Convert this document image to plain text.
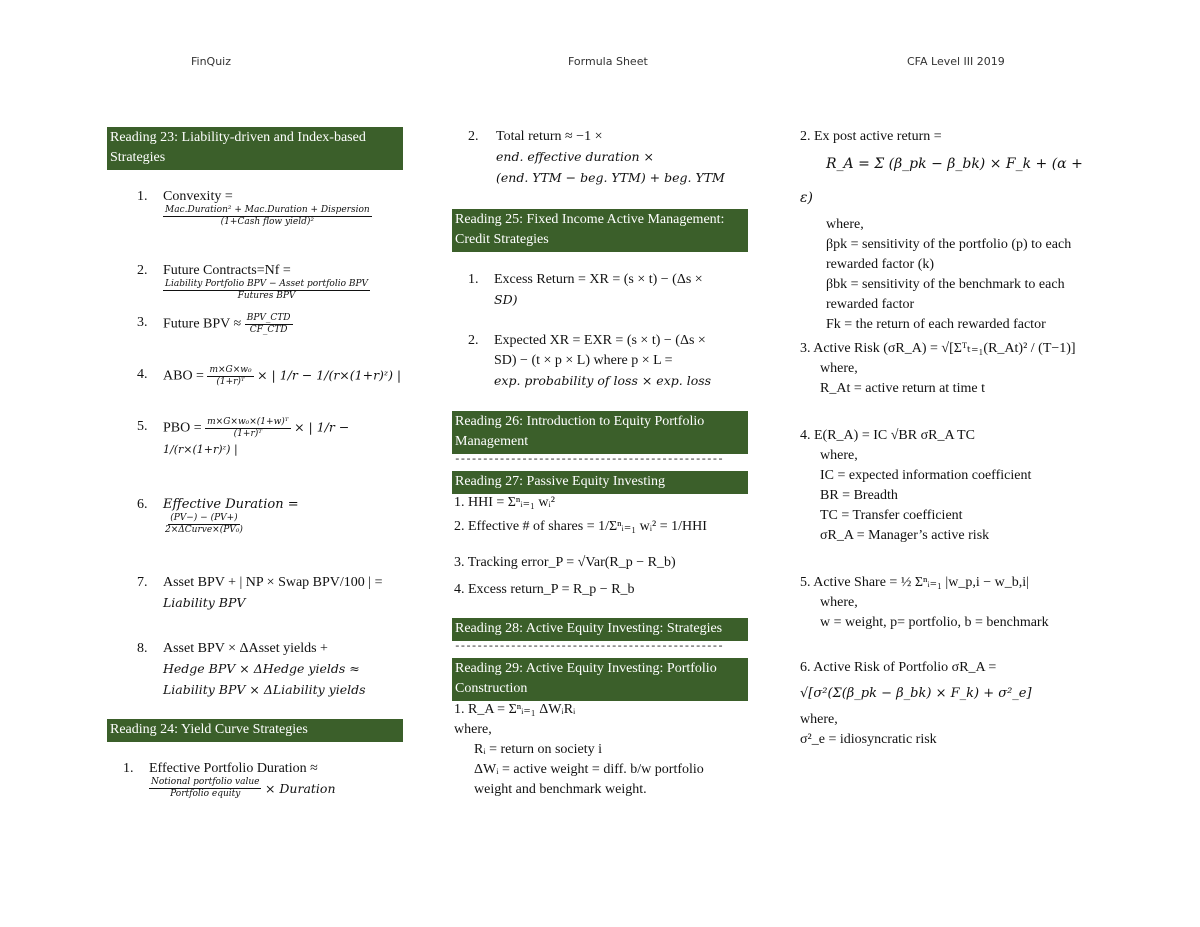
FinQuiz	Formula Sheet	CFA Level III 2019
Reading 23: Liability-driven and Index-based Strategies
1.	Convexity =

$\frac{\text{Mac.Duration² + Mac.Duration + Dispersion}}{\text{(1+Cash flow yield)²}}$
2.	Future Contracts=Nf =

$\frac{\text{Liability Portfolio BPV − Asset portfolio BPV}}{\text{Futures BPV}}$
3.	Future BPV ≈ $\frac{\text{BPV\_CTD}}{\text{CF\_CTD}}$
4.	ABO = $\frac{\text{m×G×w₀}}{\text{(1+r)ᵀ}}$ × | 1/r − 1/(r×(1+r)ᶻ) |
5.	PBO = $\frac{\text{m×G×w₀×(1+w)ᵀ}}{\text{(1+r)ᵀ}}$ × | 1/r −
1/(r×(1+r)ᶻ) |
6.	Effective Duration =

$\frac{(PV-) - (PV+)}{\text{2×ΔCurve×(PV₀)}}$
7.	Asset BPV + | NP × Swap BPV/100 | =
Liability BPV
8.	Asset BPV × ΔAsset yields +
Hedge BPV × ΔHedge yields ≈
Liability BPV × ΔLiability yields
Reading 24: Yield Curve Strategies
1.	Effective Portfolio Duration ≈

$\frac{\text{Notional portfolio value}}{\text{Portfolio equity}}$ × Duration
2.	Total return ≈ −1 ×
end. effective duration ×
(end. YTM − beg. YTM) + beg. YTM
Reading 25: Fixed Income Active Management: Credit Strategies
1.	Excess Return = XR = (s × t) − (Δs ×
SD)
2.	Expected XR = EXR = (s × t) − (Δs ×
SD) − (t × p × L) where p × L =
exp. probability of loss × exp. loss
Reading 26: Introduction to Equity Portfolio Management
------------------------------------------------
Reading 27: Passive Equity Investing
1. HHI = Σⁿᵢ₌₁ wᵢ²
2. Effective # of shares = 1/Σⁿᵢ₌₁ wᵢ² = 1/HHI
3. Tracking error_P = √Var(R_p − R_b)
4. Excess return_P = R_p − R_b
Reading 28: Active Equity Investing: Strategies
------------------------------------------------
Reading 29: Active Equity Investing: Portfolio Construction
1. R_A = Σⁿᵢ₌₁ ΔWᵢRᵢ
where,
Rᵢ = return on society i
ΔWᵢ = active weight = diff. b/w portfolio
weight and benchmark weight.
2. Ex post active return =
R_A = Σ (β_pk − β_bk) × F_k + (α + ε)

where,
βpk = sensitivity of the portfolio (p) to each
rewarded factor (k)
βbk = sensitivity of the benchmark to each
rewarded factor
Fk = the return of each rewarded factor
3. Active Risk (σR_A) = √[Σᵀₜ₌₁(R_At)² / (T−1)]

where,
R_At = active return at time t
4. E(R_A) = IC √BR σR_A TC

where,
IC = expected information coefficient
BR = Breadth
TC = Transfer coefficient
σR_A = Manager’s active risk
5. Active Share = ½ Σⁿᵢ₌₁ |w_p,i − w_b,i|

where,
w = weight, p= portfolio, b = benchmark
6. Active Risk of Portfolio σR_A =
√[σ²(Σ(β_pk − β_bk) × F_k) + σ²_e]
where,
σ²_e = idiosyncratic risk
